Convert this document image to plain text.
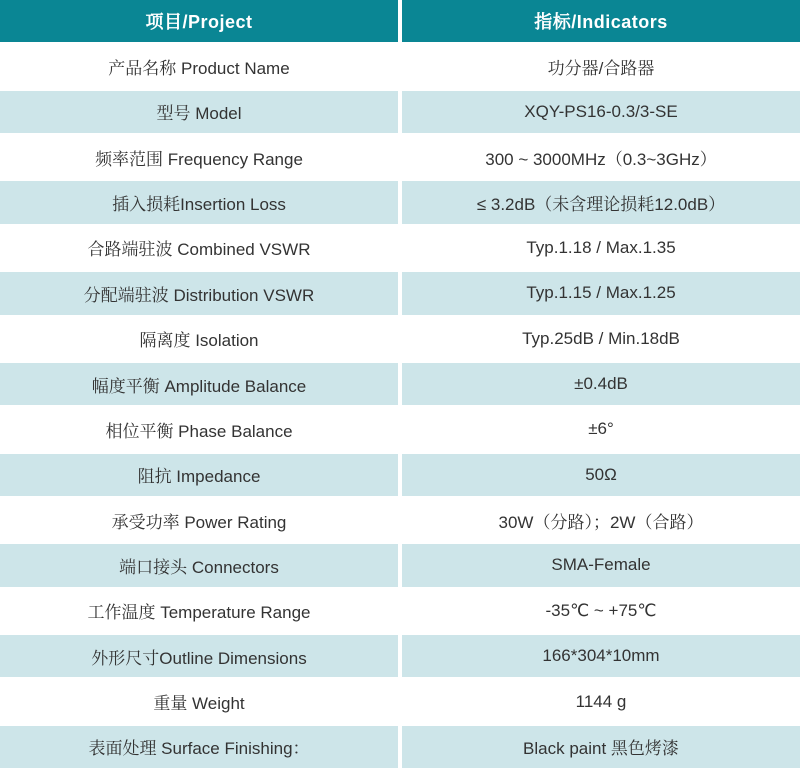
项目/Project	指标/Indicators
产品名称 Product Name	功分器/合路器
型号 Model	XQY-PS16-0.3/3-SE
频率范围 Frequency Range	300 ~ 3000MHz（0.3~3GHz）
插入损耗Insertion Loss	≤ 3.2dB（未含理论损耗12.0dB）
合路端驻波 Combined VSWR	Typ.1.18 / Max.1.35
分配端驻波 Distribution VSWR	Typ.1.15 / Max.1.25
隔离度 Isolation	Typ.25dB / Min.18dB
幅度平衡 Amplitude Balance	±0.4dB
相位平衡 Phase Balance	±6°
阻抗 Impedance	50Ω
承受功率 Power Rating	30W（分路）；2W（合路）
端口接头 Connectors	SMA-Female
工作温度 Temperature Range	-35℃ ~ +75℃
外形尺寸Outline Dimensions	166*304*10mm
重量 Weight	1144 g
表面处理 Surface Finishing：	Black paint 黑色烤漆
